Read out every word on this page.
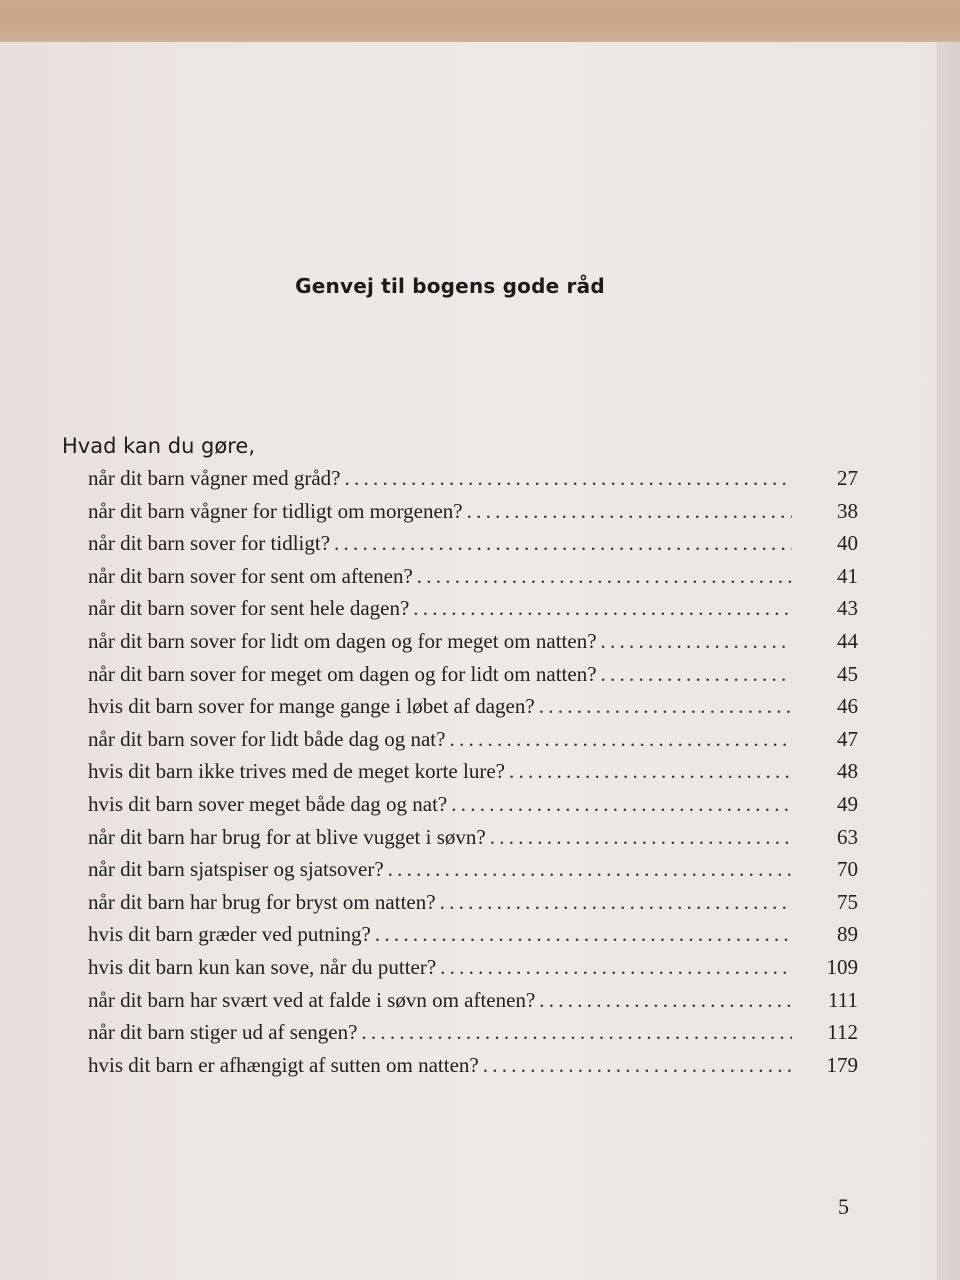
Genvej til bogens gode råd
Hvad kan du gøre,
når dit barn vågner med gråd? . . .	27
når dit barn vågner for tidligt om morgenen? . . .	38
når dit barn sover for tidligt? . . .	40
når dit barn sover for sent om aftenen? . . .	41
når dit barn sover for sent hele dagen? . . .	43
når dit barn sover for lidt om dagen og for meget om natten? . . .	44
når dit barn sover for meget om dagen og for lidt om natten? . . .	45
hvis dit barn sover for mange gange i løbet af dagen? . . .	46
når dit barn sover for lidt både dag og nat? . . .	47
hvis dit barn ikke trives med de meget korte lure? . . .	48
hvis dit barn sover meget både dag og nat? . . .	49
når dit barn har brug for at blive vugget i søvn? . . .	63
når dit barn sjatspiser og sjatsover? . . .	70
når dit barn har brug for bryst om natten? . . .	75
hvis dit barn græder ved putning? . . .	89
hvis dit barn kun kan sove, når du putter? . . .	109
når dit barn har svært ved at falde i søvn om aftenen? . . .	111
når dit barn stiger ud af sengen? . . .	112
hvis dit barn er afhængigt af sutten om natten? . . .	179
5
